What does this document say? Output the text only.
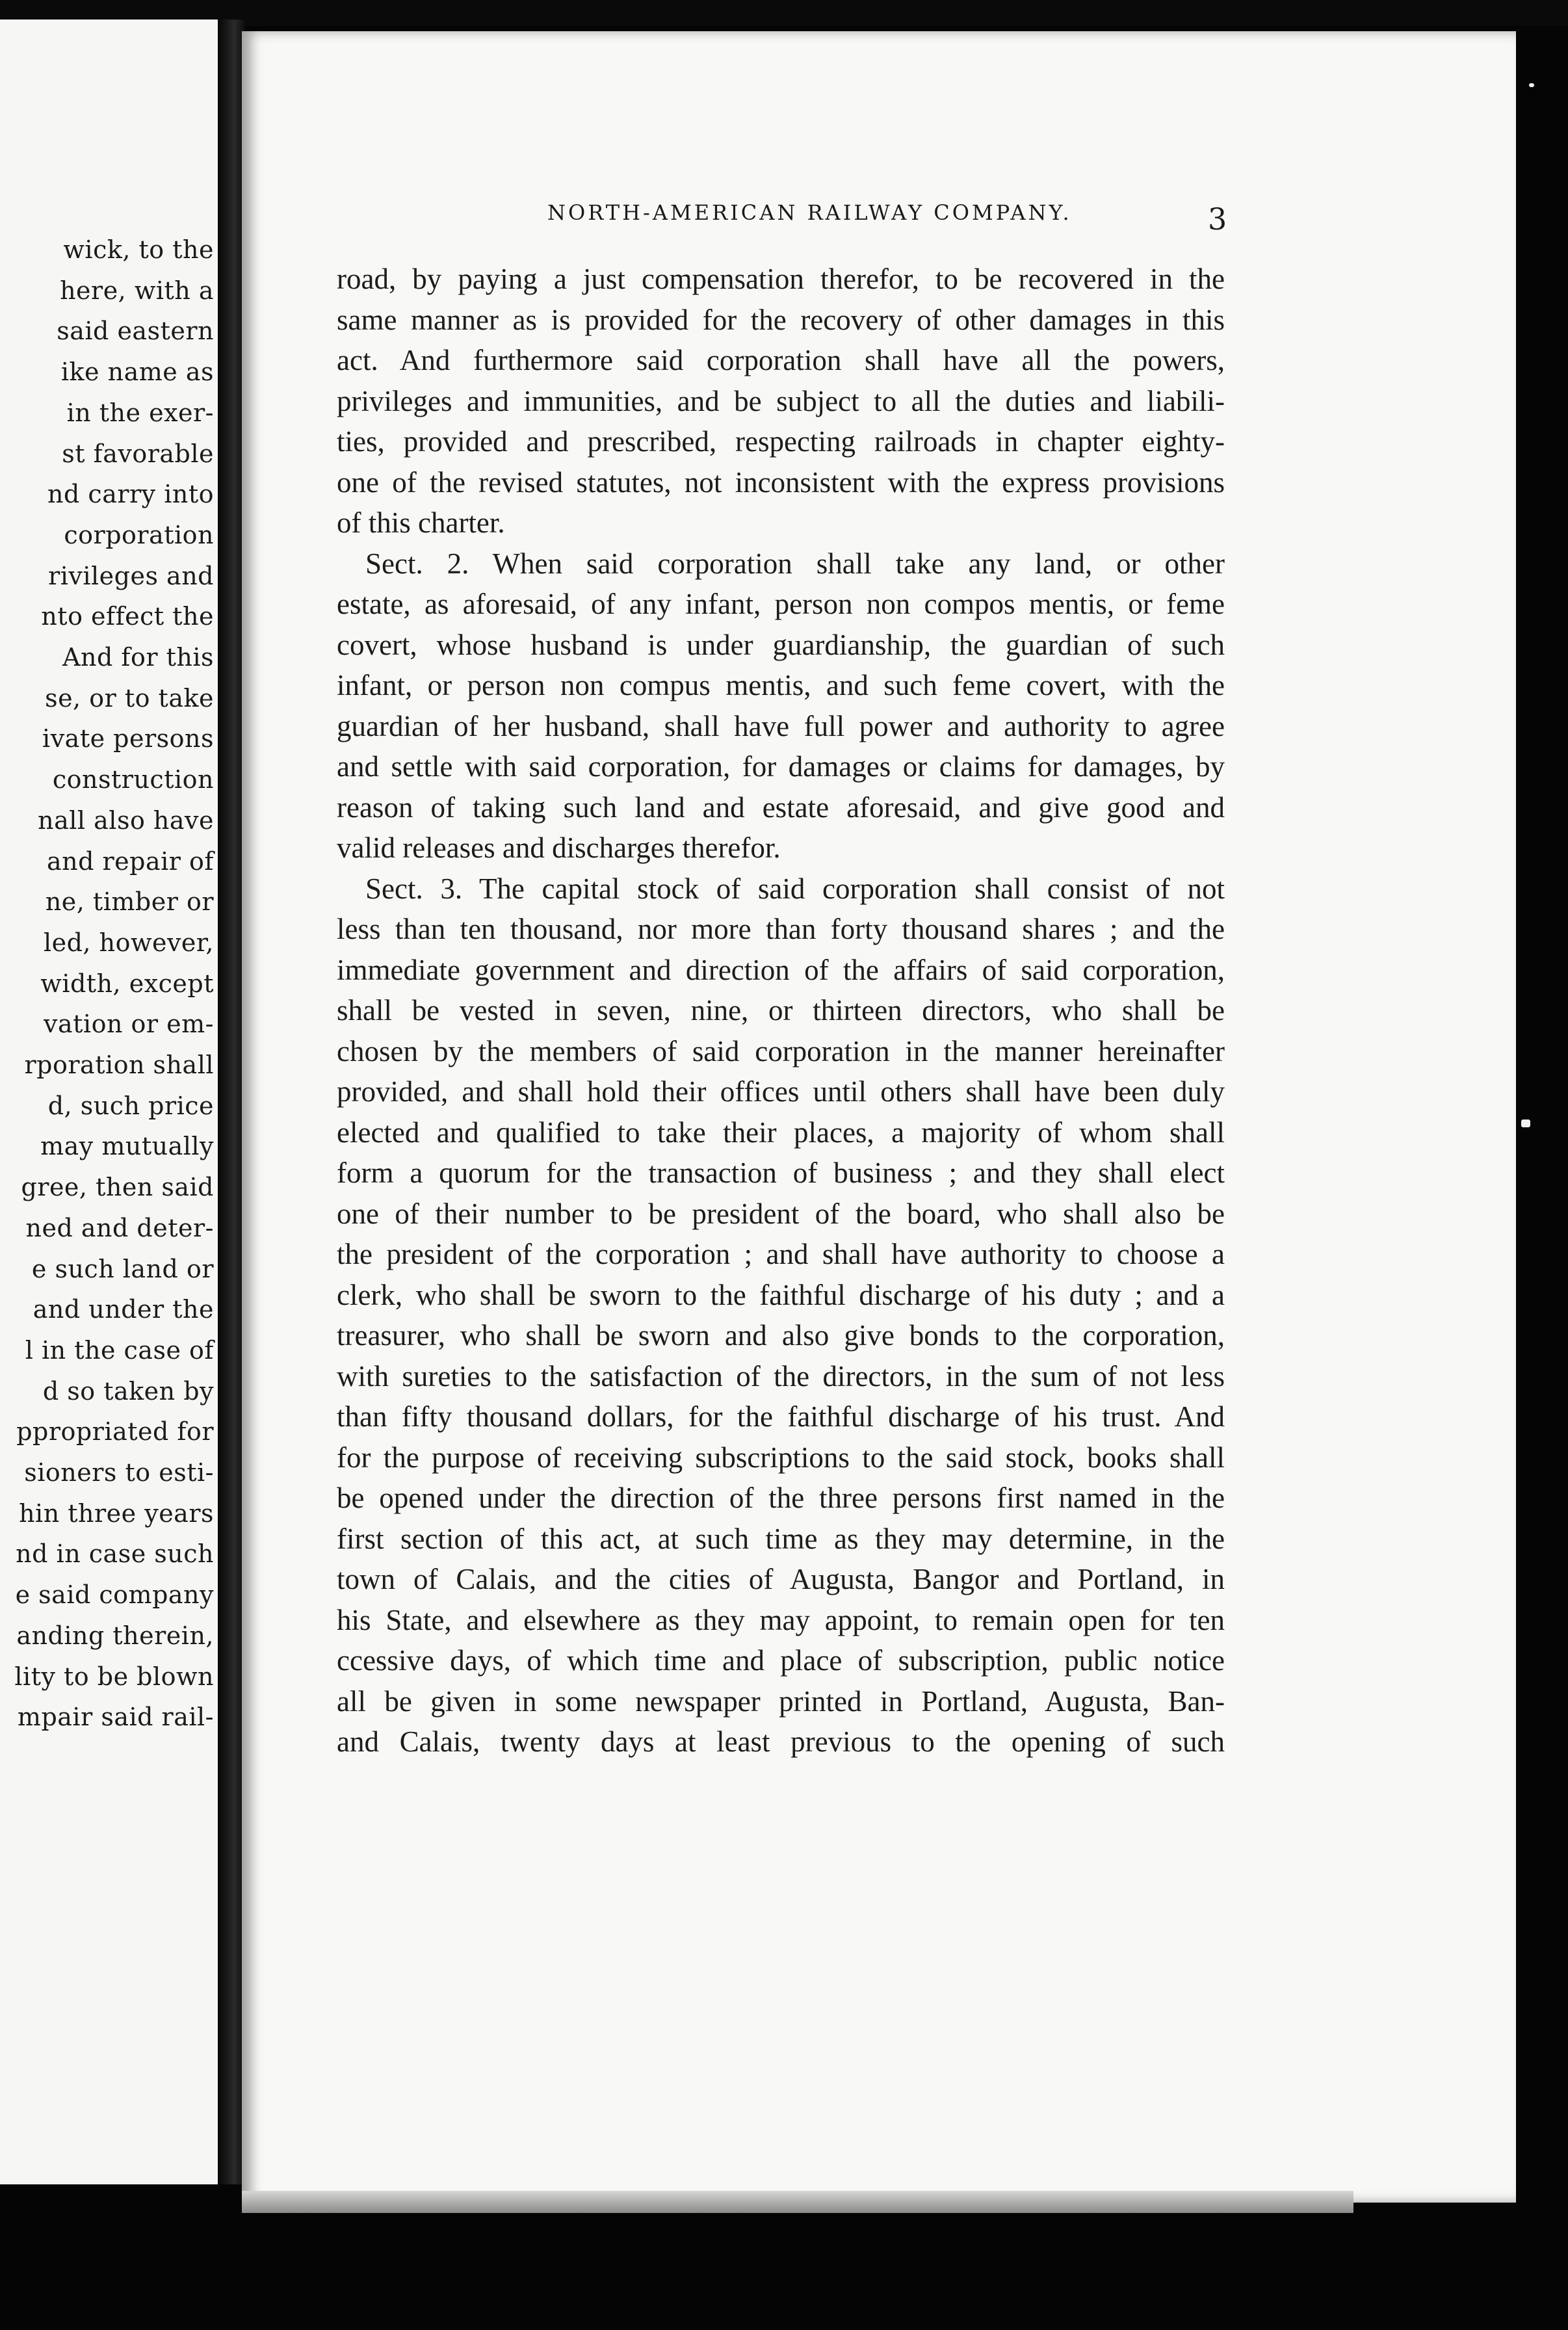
wick, to the
here, with a
said eastern
ike name as
in the exer-
st favorable
nd carry into
corporation
rivileges and
nto effect the
And for this
se, or to take
ivate persons
construction
nall also have
and repair of
ne, timber or
led, however,
width, except
vation or em-
rporation shall
d, such price
may mutually
gree, then said
ned and deter-
e such land or
and under the
l in the case of
d so taken by
ppropriated for
sioners to esti-
hin three years
nd in case such
e said company
anding therein,
lity to be blown
mpair said rail-
NORTH-AMERICAN RAILWAY COMPANY.	3
road, by paying a just compensation therefor, to be recovered in the
same manner as is provided for the recovery of other damages in this
act. And furthermore said corporation shall have all the powers,
privileges and immunities, and be subject to all the duties and liabili-
ties, provided and prescribed, respecting railroads in chapter eighty-
one of the revised statutes, not inconsistent with the express provisions
of this charter.
Sect. 2. When said corporation shall take any land, or other
estate, as aforesaid, of any infant, person non compos mentis, or feme
covert, whose husband is under guardianship, the guardian of such
infant, or person non compus mentis, and such feme covert, with the
guardian of her husband, shall have full power and authority to agree
and settle with said corporation, for damages or claims for damages, by
reason of taking such land and estate aforesaid, and give good and
valid releases and discharges therefor.
Sect. 3. The capital stock of said corporation shall consist of not
less than ten thousand, nor more than forty thousand shares ; and the
immediate government and direction of the affairs of said corporation,
shall be vested in seven, nine, or thirteen directors, who shall be
chosen by the members of said corporation in the manner hereinafter
provided, and shall hold their offices until others shall have been duly
elected and qualified to take their places, a majority of whom shall
form a quorum for the transaction of business ; and they shall elect
one of their number to be president of the board, who shall also be
the president of the corporation ; and shall have authority to choose a
clerk, who shall be sworn to the faithful discharge of his duty ; and a
treasurer, who shall be sworn and also give bonds to the corporation,
with sureties to the satisfaction of the directors, in the sum of not less
than fifty thousand dollars, for the faithful discharge of his trust. And
for the purpose of receiving subscriptions to the said stock, books shall
be opened under the direction of the three persons first named in the
first section of this act, at such time as they may determine, in the
town of Calais, and the cities of Augusta, Bangor and Portland, in
his State, and elsewhere as they may appoint, to remain open for ten
ccessive days, of which time and place of subscription, public notice
all be given in some newspaper printed in Portland, Augusta, Ban-
and Calais, twenty days at least previous to the opening of such
